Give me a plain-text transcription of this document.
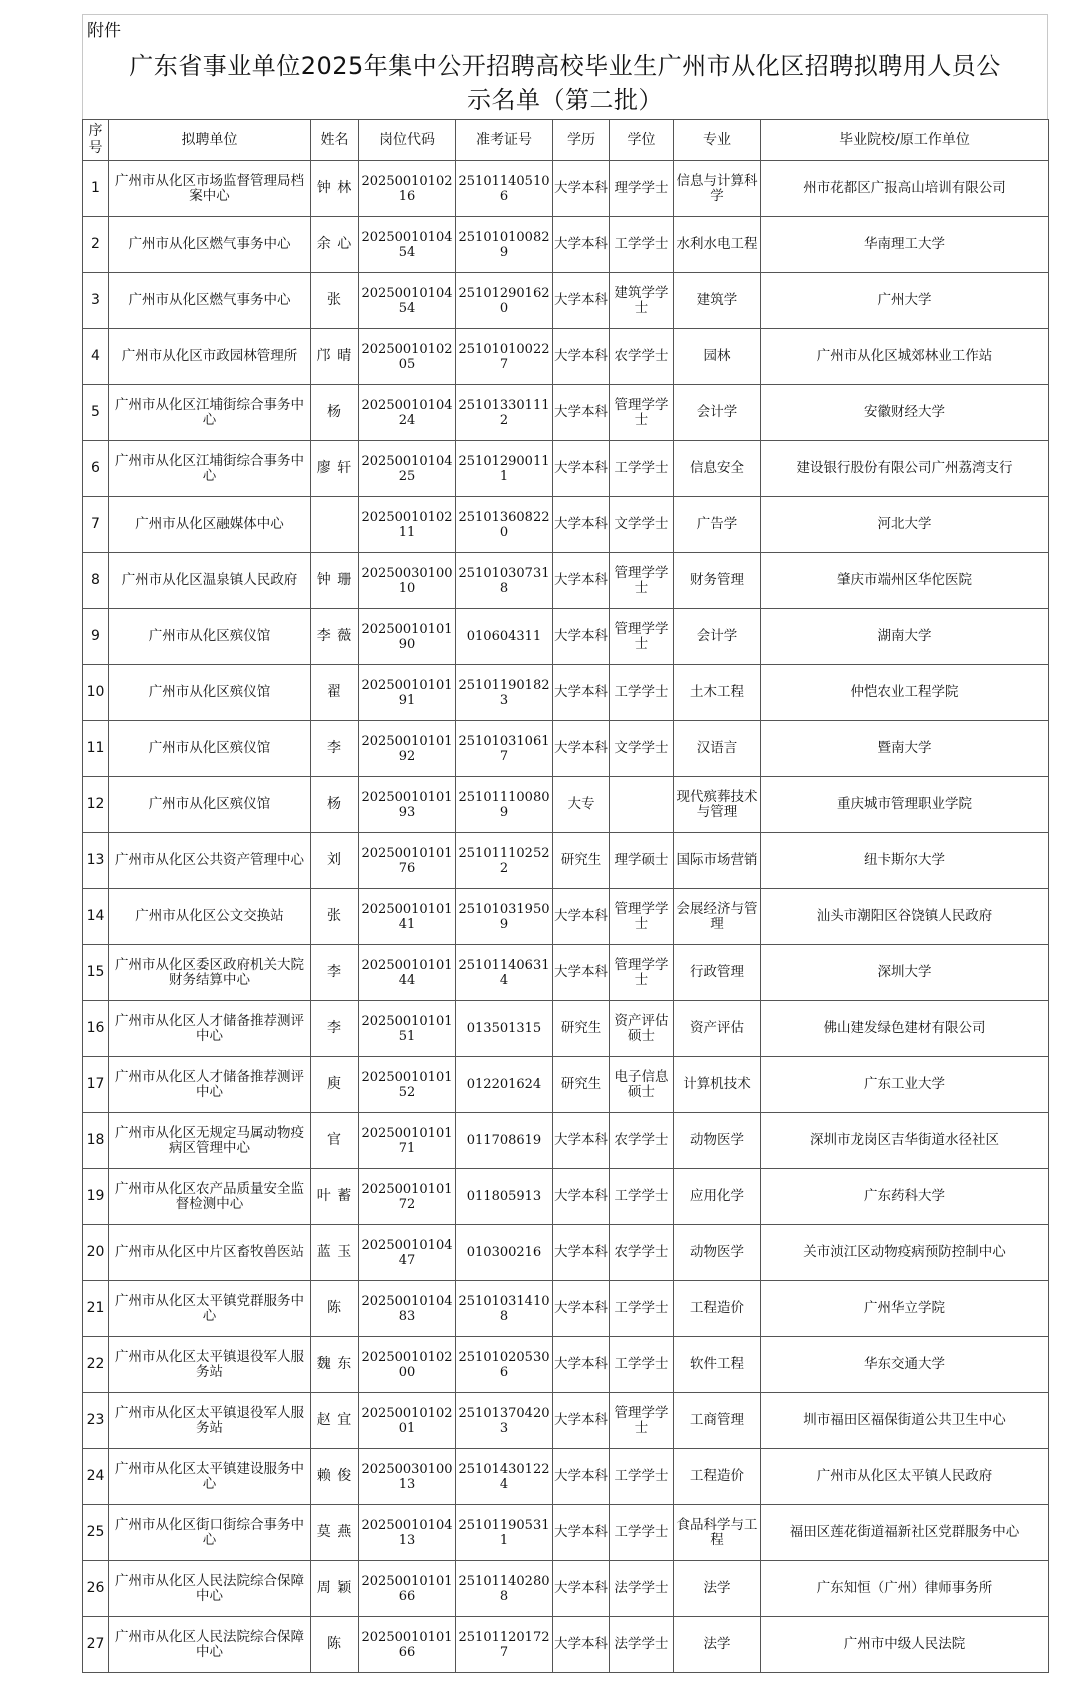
附件
广东省事业单位2025年集中公开招聘高校毕业生广州市从化区招聘拟聘用人员公
示名单（第二批）
序号	拟聘单位	姓名	岗位代码	准考证号	学历	学位	专业	毕业院校/原工作单位
1	广州市从化区市场监督管理局档案中心	钟 林	2025001010216	251011405106	大学本科	理学学士	信息与计算科学	州市花都区广报高山培训有限公司
2	广州市从化区燃气事务中心	余 心	2025001010454	251010100829	大学本科	工学学士	水利水电工程	华南理工大学
3	广州市从化区燃气事务中心	张	2025001010454	251012901620	大学本科	建筑学学士	建筑学	广州大学
4	广州市从化区市政园林管理所	邝 晴	2025001010205	251010100227	大学本科	农学学士	园林	广州市从化区城郊林业工作站
5	广州市从化区江埔街综合事务中心	杨	2025001010424	251013301112	大学本科	管理学学士	会计学	安徽财经大学
6	广州市从化区江埔街综合事务中心	廖 轩	2025001010425	251012900111	大学本科	工学学士	信息安全	建设银行股份有限公司广州荔湾支行
7	广州市从化区融媒体中心		2025001010211	251013608220	大学本科	文学学士	广告学	河北大学
8	广州市从化区温泉镇人民政府	钟 珊	2025003010010	251010307318	大学本科	管理学学士	财务管理	肇庆市端州区华佗医院
9	广州市从化区殡仪馆	李 薇	2025001010190	010604311	大学本科	管理学学士	会计学	湖南大学
10	广州市从化区殡仪馆	翟	2025001010191	251011901823	大学本科	工学学士	土木工程	仲恺农业工程学院
11	广州市从化区殡仪馆	李	2025001010192	251010310617	大学本科	文学学士	汉语言	暨南大学
12	广州市从化区殡仪馆	杨	2025001010193	251011100809	大专		现代殡葬技术与管理	重庆城市管理职业学院
13	广州市从化区公共资产管理中心	刘	2025001010176	251011102522	研究生	理学硕士	国际市场营销	纽卡斯尔大学
14	广州市从化区公文交换站	张	2025001010141	251010319509	大学本科	管理学学士	会展经济与管理	汕头市潮阳区谷饶镇人民政府
15	广州市从化区委区政府机关大院财务结算中心	李	2025001010144	251011406314	大学本科	管理学学士	行政管理	深圳大学
16	广州市从化区人才储备推荐测评中心	李	2025001010151	013501315	研究生	资产评估硕士	资产评估	佛山建发绿色建材有限公司
17	广州市从化区人才储备推荐测评中心	庾	2025001010152	012201624	研究生	电子信息硕士	计算机技术	广东工业大学
18	广州市从化区无规定马属动物疫病区管理中心	官	2025001010171	011708619	大学本科	农学学士	动物医学	深圳市龙岗区吉华街道水径社区
19	广州市从化区农产品质量安全监督检测中心	叶 蓄	2025001010172	011805913	大学本科	工学学士	应用化学	广东药科大学
20	广州市从化区中片区畜牧兽医站	蓝 玉	2025001010447	010300216	大学本科	农学学士	动物医学	关市浈江区动物疫病预防控制中心
21	广州市从化区太平镇党群服务中心	陈	2025001010483	251010314108	大学本科	工学学士	工程造价	广州华立学院
22	广州市从化区太平镇退役军人服务站	魏 东	2025001010200	251010205306	大学本科	工学学士	软件工程	华东交通大学
23	广州市从化区太平镇退役军人服务站	赵 宜	2025001010201	251013704203	大学本科	管理学学士	工商管理	圳市福田区福保街道公共卫生中心
24	广州市从化区太平镇建设服务中心	赖 俊	2025003010013	251014301224	大学本科	工学学士	工程造价	广州市从化区太平镇人民政府
25	广州市从化区街口街综合事务中心	莫 燕	2025001010413	251011905311	大学本科	工学学士	食品科学与工程	福田区莲花街道福新社区党群服务中心
26	广州市从化区人民法院综合保障中心	周 颖	2025001010166	251011402808	大学本科	法学学士	法学	广东知恒（广州）律师事务所
27	广州市从化区人民法院综合保障中心	陈	2025001010166	251011201727	大学本科	法学学士	法学	广州市中级人民法院
